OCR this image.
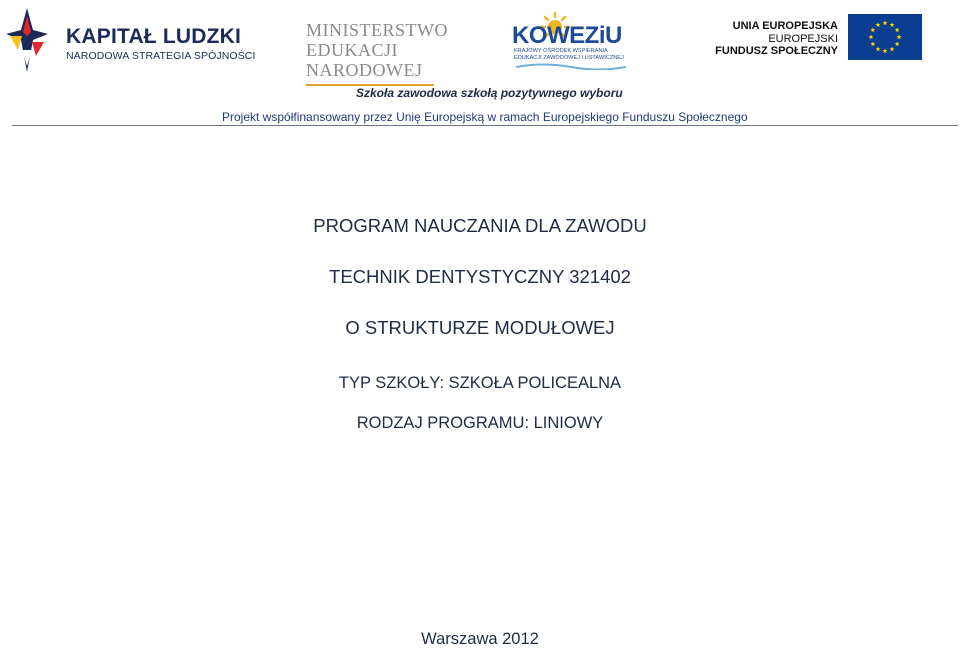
KAPITAŁ LUDZKI
NARODOWA STRATEGIA SPÓJNOŚCI
MINISTERSTWO
EDUKACJI
NARODOWEJ
KOWEZiU
KRAJOWY OŚRODEK WSPIERANIA
EDUKACJI ZAWODOWEJ I USTAWICZNEJ
UNIA EUROPEJSKA
EUROPEJSKI
FUNDUSZ SPOŁECZNY
Szkoła zawodowa szkołą pozytywnego wyboru
Projekt współfinansowany przez Unię Europejską w ramach Europejskiego Funduszu Społecznego
PROGRAM NAUCZANIA DLA ZAWODU
TECHNIK DENTYSTYCZNY 321402
O STRUKTURZE MODUŁOWEJ
TYP SZKOŁY: SZKOŁA POLICEALNA
RODZAJ PROGRAMU: LINIOWY
Warszawa 2012
